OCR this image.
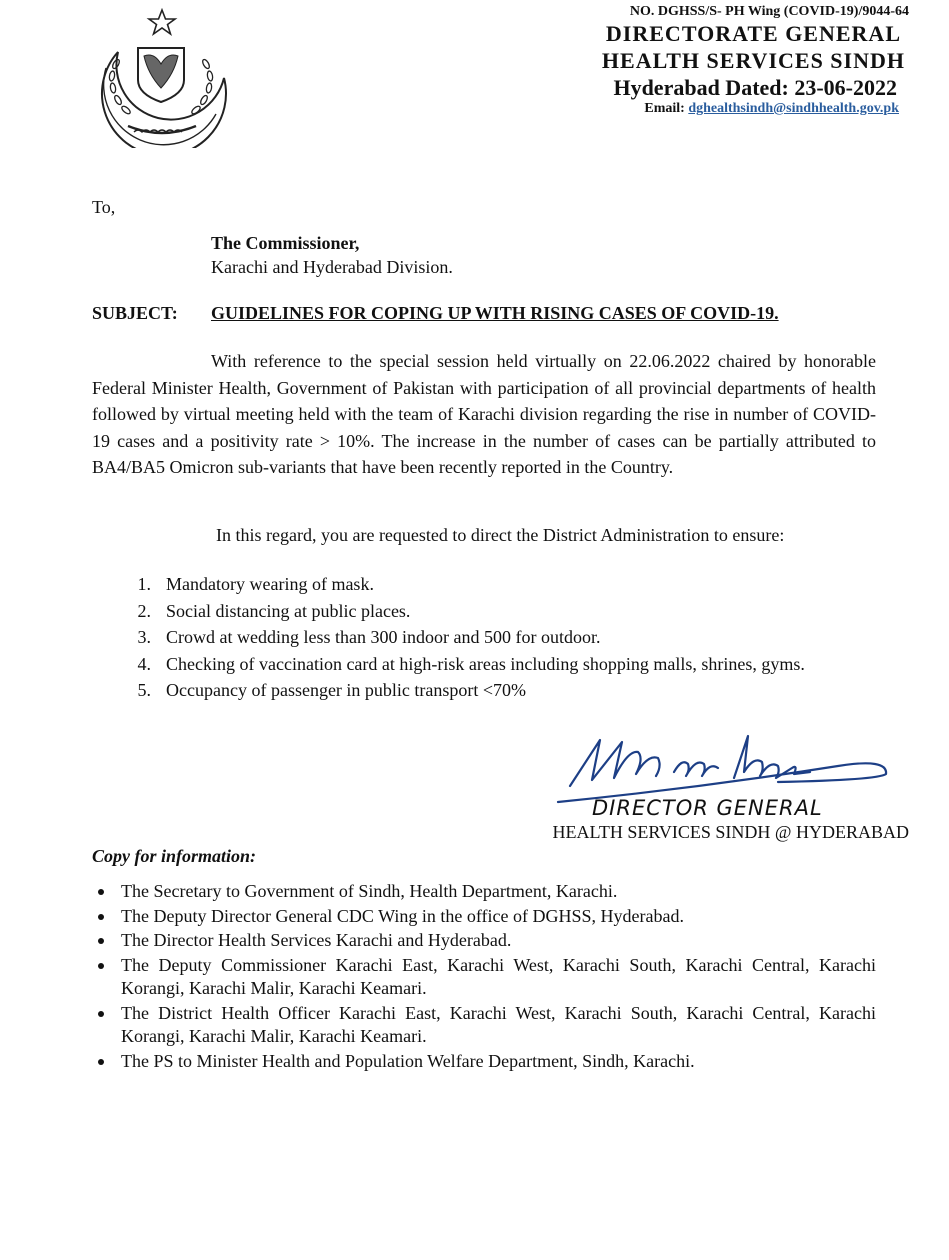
NO. DGHSS/S- PH Wing (COVID-19)/9044-64
DIRECTORATE GENERAL
HEALTH SERVICES SINDH
Hyderabad Dated: 23-06-2022
Email: dghealthsindh@sindhhealth.gov.pk
To,
The Commissioner,
Karachi and Hyderabad Division.
SUBJECT: GUIDELINES FOR COPING UP WITH RISING CASES OF COVID-19.

With reference to the special session held virtually on 22.06.2022 chaired by honorable Federal Minister Health, Government of Pakistan with participation of all provincial departments of health followed by virtual meeting held with the team of Karachi division regarding the rise in number of COVID-19 cases and a positivity rate > 10%. The increase in the number of cases can be partially attributed to BA4/BA5 Omicron sub-variants that have been recently reported in the Country.

In this regard, you are requested to direct the District Administration to ensure:
1. Mandatory wearing of mask.
2. Social distancing at public places.
3. Crowd at wedding less than 300 indoor and 500 for outdoor.
4. Checking of vaccination card at high-risk areas including shopping malls, shrines, gyms.
5. Occupancy of passenger in public transport <70%
DIRECTOR GENERAL
HEALTH SERVICES SINDH @ HYDERABAD
Copy for information:
The Secretary to Government of Sindh, Health Department, Karachi.
The Deputy Director General CDC Wing in the office of DGHSS, Hyderabad.
The Director Health Services Karachi and Hyderabad.
The Deputy Commissioner Karachi East, Karachi West, Karachi South, Karachi Central, Karachi Korangi, Karachi Malir, Karachi Keamari.
The District Health Officer Karachi East, Karachi West, Karachi South, Karachi Central, Karachi Korangi, Karachi Malir, Karachi Keamari.
The PS to Minister Health and Population Welfare Department, Sindh, Karachi.
